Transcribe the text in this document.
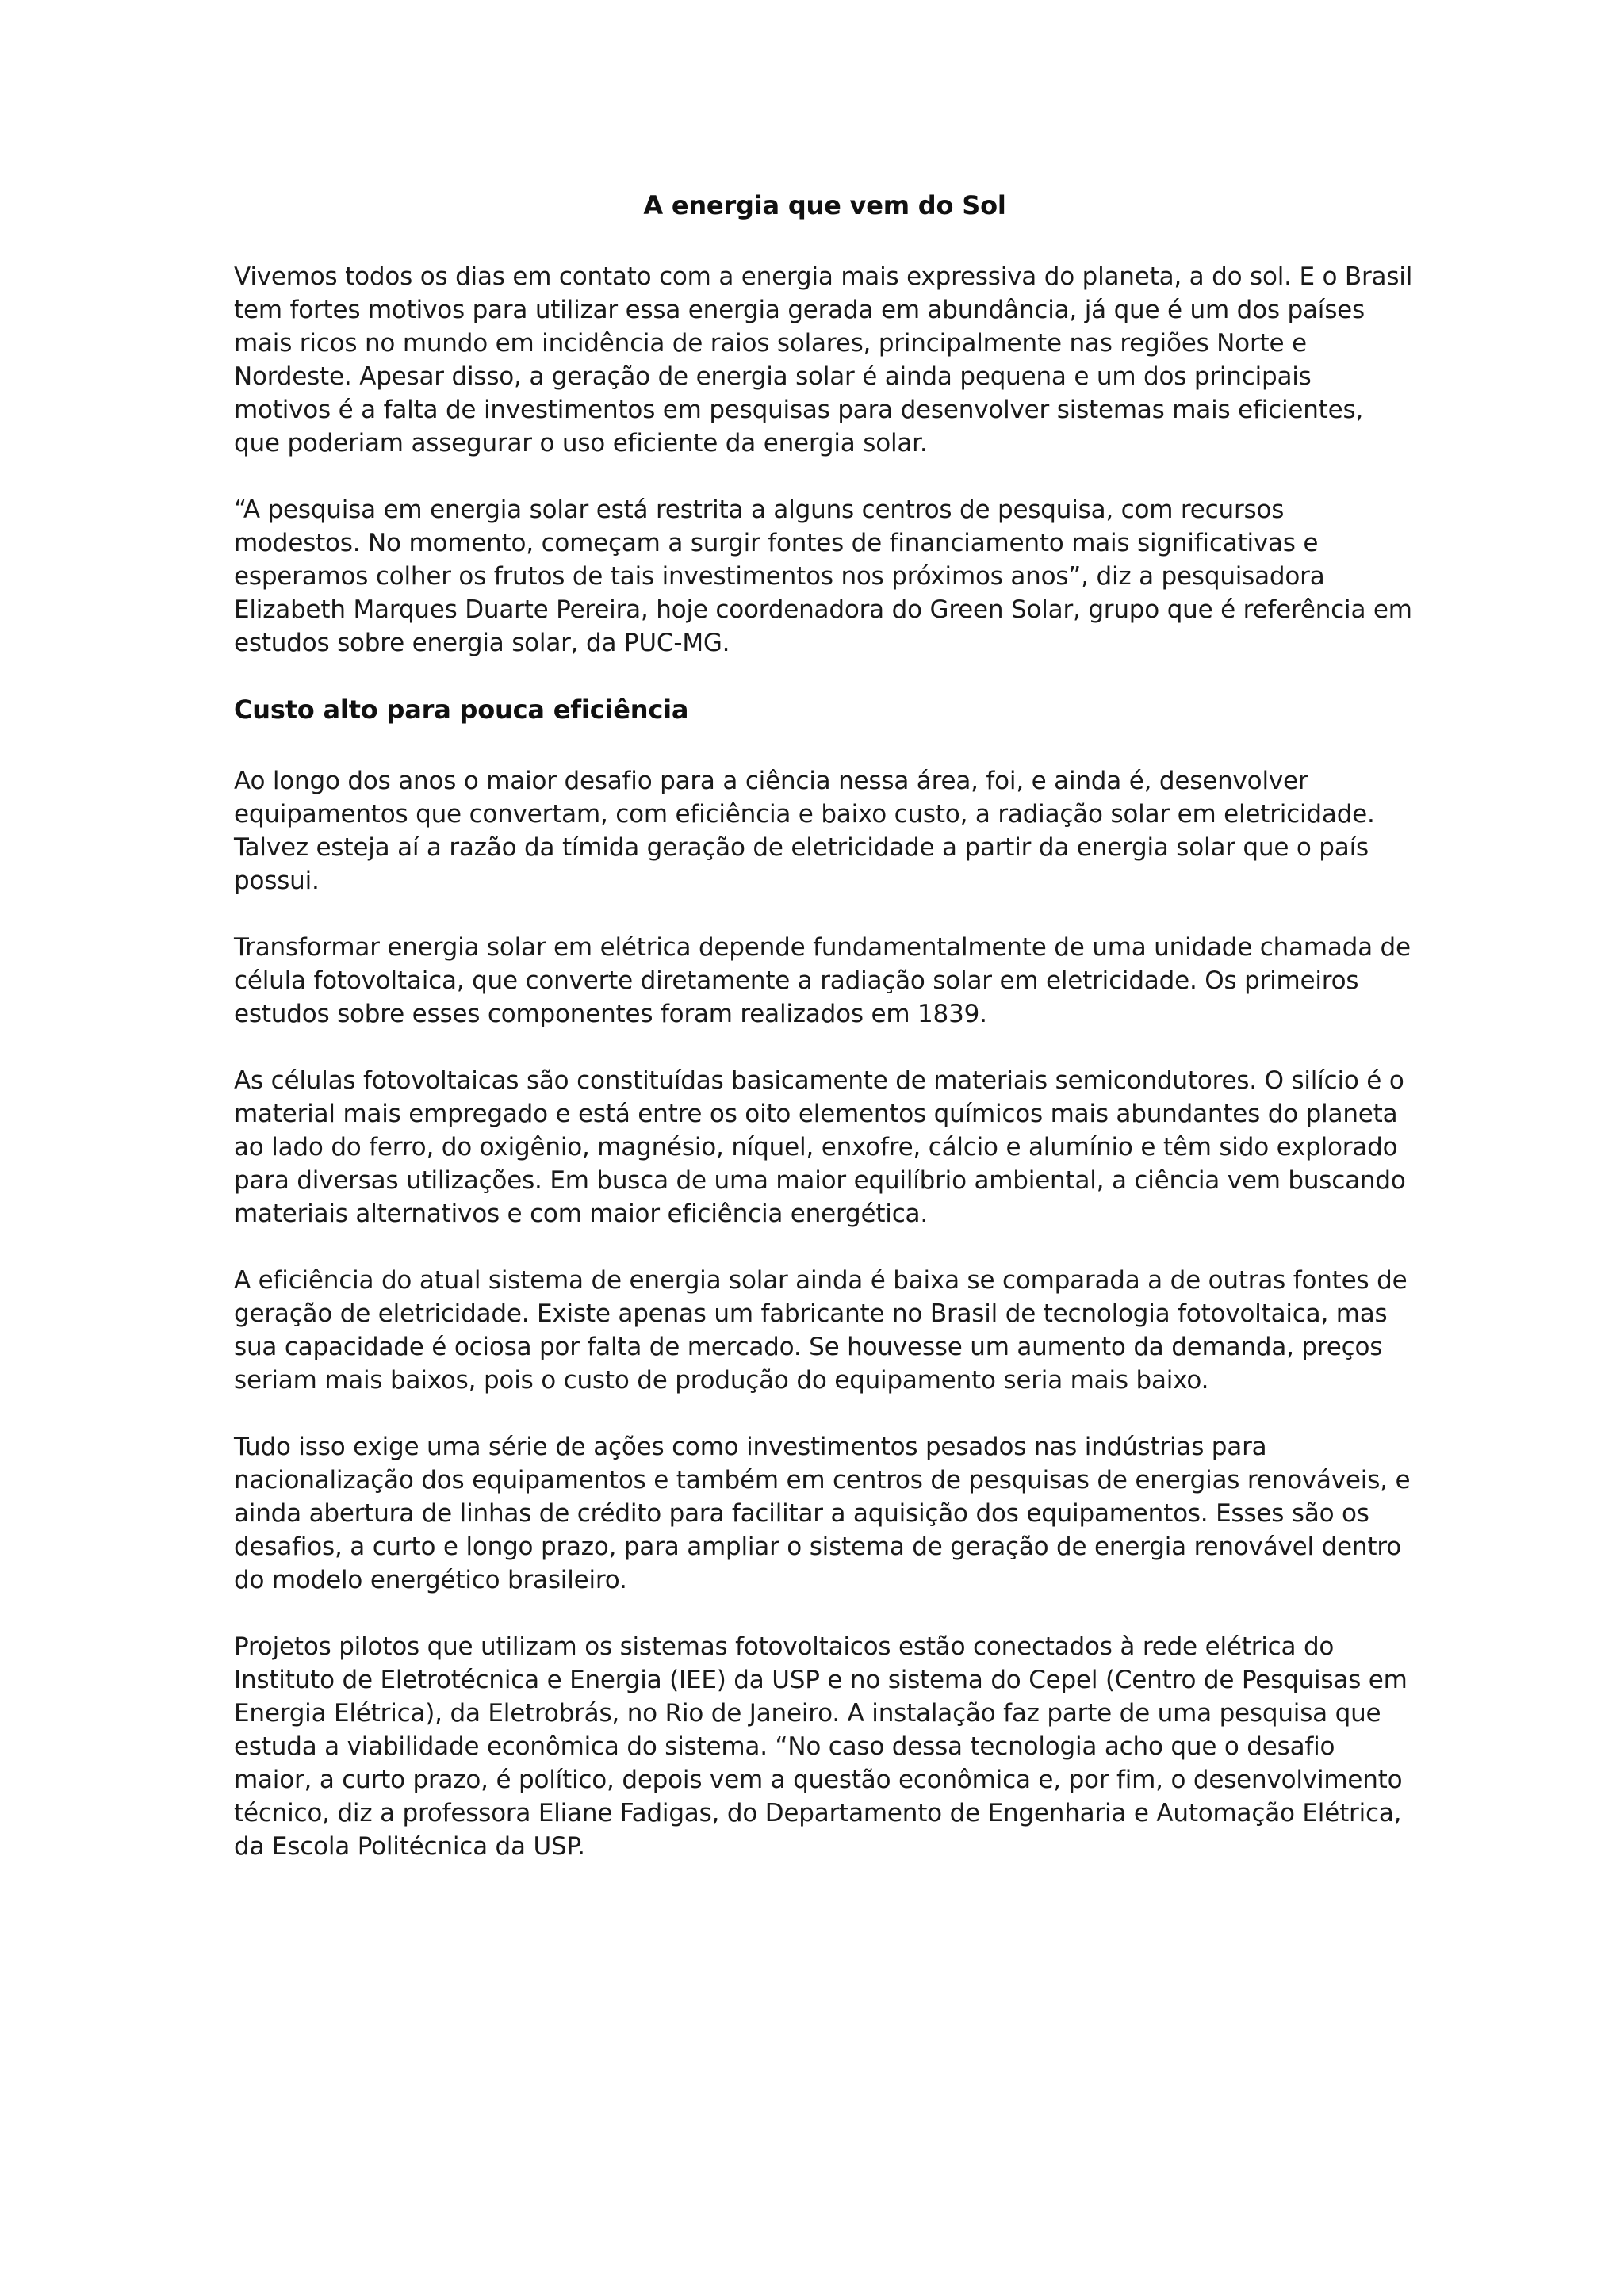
A energia que vem do Sol

Vivemos todos os dias em contato com a energia mais expressiva do planeta, a do sol. E o Brasil tem fortes motivos para utilizar essa energia gerada em abundância, já que é um dos países mais ricos no mundo em incidência de raios solares, principalmente nas regiões Norte e Nordeste. Apesar disso, a geração de energia solar é ainda pequena e um dos principais motivos é a falta de investimentos em pesquisas para desenvolver sistemas mais eficientes, que poderiam assegurar o uso eficiente da energia solar.

“A pesquisa em energia solar está restrita a alguns centros de pesquisa, com recursos modestos. No momento, começam a surgir fontes de financiamento mais significativas e esperamos colher os frutos de tais investimentos nos próximos anos”, diz a pesquisadora Elizabeth Marques Duarte Pereira, hoje coordenadora do Green Solar, grupo que é referência em estudos sobre energia solar, da PUC-MG.

Custo alto para pouca eficiência

Ao longo dos anos o maior desafio para a ciência nessa área, foi, e ainda é, desenvolver equipamentos que convertam, com eficiência e baixo custo, a radiação solar em eletricidade. Talvez esteja aí a razão da tímida geração de eletricidade a partir da energia solar que o país possui.

Transformar energia solar em elétrica depende fundamentalmente de uma unidade chamada de célula fotovoltaica, que converte diretamente a radiação solar em eletricidade. Os primeiros estudos sobre esses componentes foram realizados em 1839.

As células fotovoltaicas são constituídas basicamente de materiais semicondutores. O silício é o material mais empregado e está entre os oito elementos químicos mais abundantes do planeta ao lado do ferro, do oxigênio, magnésio, níquel, enxofre, cálcio e alumínio e têm sido explorado para diversas utilizações. Em busca de uma maior equilíbrio ambiental, a ciência vem buscando materiais alternativos e com maior eficiência energética.

A eficiência do atual sistema de energia solar ainda é baixa se comparada a de outras fontes de geração de eletricidade. Existe apenas um fabricante no Brasil de tecnologia fotovoltaica, mas sua capacidade é ociosa por falta de mercado. Se houvesse um aumento da demanda, preços seriam mais baixos, pois o custo de produção do equipamento seria mais baixo.

Tudo isso exige uma série de ações como investimentos pesados nas indústrias para nacionalização dos equipamentos e também em centros de pesquisas de energias renováveis, e ainda abertura de linhas de crédito para facilitar a aquisição dos equipamentos. Esses são os desafios, a curto e longo prazo, para ampliar o sistema de geração de energia renovável dentro do modelo energético brasileiro.

Projetos pilotos que utilizam os sistemas fotovoltaicos estão conectados à rede elétrica do Instituto de Eletrotécnica e Energia (IEE) da USP e no sistema do Cepel (Centro de Pesquisas em Energia Elétrica), da Eletrobrás, no Rio de Janeiro. A instalação faz parte de uma pesquisa que estuda a viabilidade econômica do sistema. “No caso dessa tecnologia acho que o desafio maior, a curto prazo, é político, depois vem a questão econômica e, por fim, o desenvolvimento técnico, diz a professora Eliane Fadigas, do Departamento de Engenharia e Automação Elétrica, da Escola Politécnica da USP.
